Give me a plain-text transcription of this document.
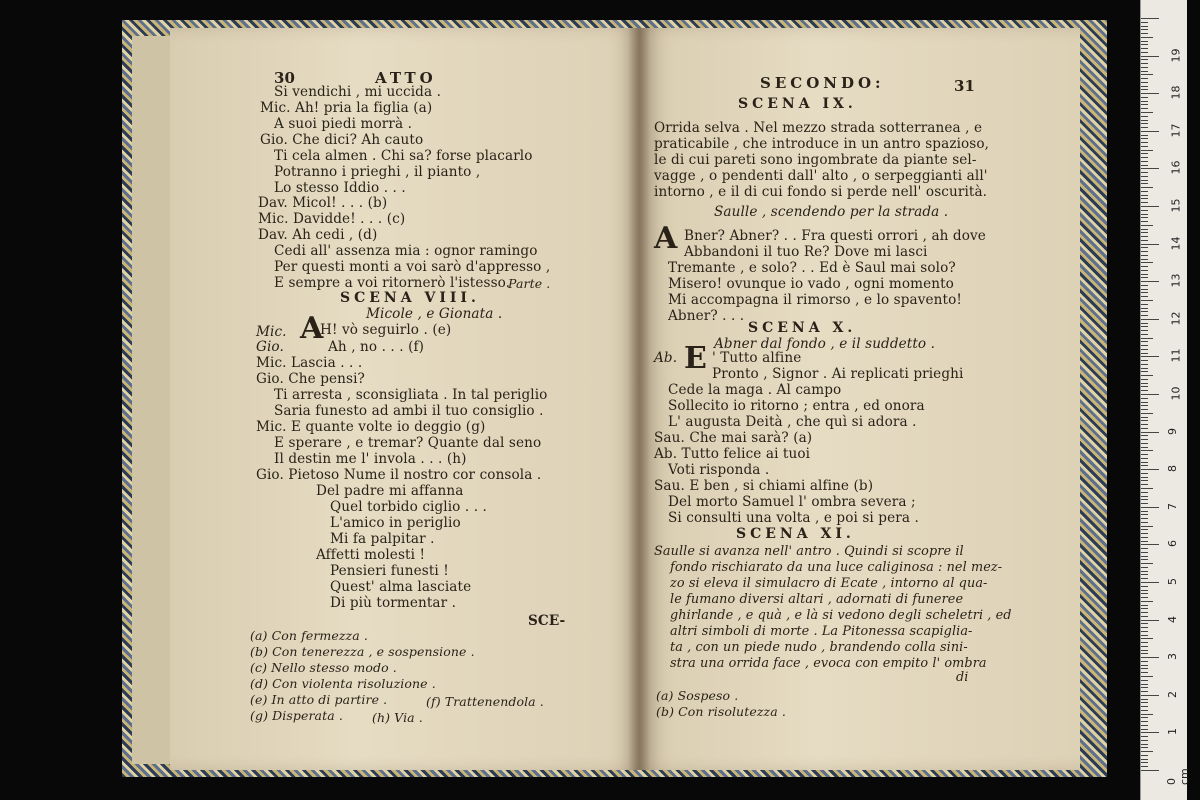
30	ATTO
Si vendichi , mi uccida .
Mic. Ah! pria la figlia (a)
A suoi piedi morrà .
Gio. Che dici? Ah cauto
Ti cela almen . Chi sa? forse placarlo
Potranno i prieghi , il pianto ,
Lo stesso Iddio . . .
Dav. Micol! . . . (b)
Mic. Davidde! . . . (c)
Dav. Ah cedi , (d)
Cedi all' assenza mia : ognor ramingo
Per questi monti a voi sarò d'appresso ,
E sempre a voi ritornerò l'istesso.
Parte .
SCENA VIII.
Micole , e Gionata .
Mic. A
H! vò seguirlo . (e)
Gio.	Ah , no . . . (f)
Mic. Lascia . . .
Gio. Che pensi?
Ti arresta , sconsigliata . In tal periglio
Saria funesto ad ambi il tuo consiglio .
Mic. E quante volte io deggio (g)
E sperare , e tremar? Quante dal seno
Il destin me l' invola . . . (h)
Gio. Pietoso Nume il nostro cor consola .
Del padre mi affanna
Quel torbido ciglio . . .
L'amico in periglio
Mi fa palpitar .
Affetti molesti !
Pensieri funesti !
Quest' alma lasciate
Di più tormentar .
SCE-
(a) Con fermezza .
(b) Con tenerezza , e sospensione .
(c) Nello stesso modo .
(d) Con violenta risoluzione .
(e) In atto di partire .	(f) Trattenendola .
(g) Disperata . (h) Via .
SECONDO:	31
SCENA IX.
Orrida selva . Nel mezzo strada sotterranea , e
praticabile , che introduce in un antro spazioso,
le di cui pareti sono ingombrate da piante sel-
vagge , o pendenti dall' alto , o serpeggianti all'
intorno , e il di cui fondo si perde nell' oscurità.
Saulle , scendendo per la strada .
A Bner? Abner? . . Fra questi orrori , ah dove
Abbandoni il tuo Re? Dove mi lasci
Tremante , e solo? . . Ed è Saul mai solo?
Misero! ovunque io vado , ogni momento
Mi accompagna il rimorso , e lo spavento!
Abner? . . .
SCENA X.
Abner dal fondo , e il suddetto .
Ab. E ' Tutto alfine
Pronto , Signor . Ai replicati prieghi
Cede la maga . Al campo
Sollecito io ritorno ; entra , ed onora
L' augusta Deità , che quì si adora .
Sau. Che mai sarà? (a)
Ab. Tutto felice ai tuoi
Voti risponda .
Sau. E ben , si chiami alfine (b)
Del morto Samuel l' ombra severa ;
Si consulti una volta , e poi si pera .
SCENA XI.
Saulle si avanza nell' antro . Quindi si scopre il
fondo rischiarato da una luce caliginosa : nel mez-
zo si eleva il simulacro di Ecate , intorno al qua-
le fumano diversi altari , adornati di funeree
ghirlande , e quà , e là si vedono degli scheletri , ed
altri simboli di morte . La Pitonessa scapiglia-
ta , con un piede nudo , brandendo colla sini-
stra una orrida face , evoca con empito l' ombra
di
(a) Sospeso .
(b) Con risolutezza .
0 cm
1
2
3
4
5
6
7
8
9
10
11
12
13
14
15
16
17
18
19
